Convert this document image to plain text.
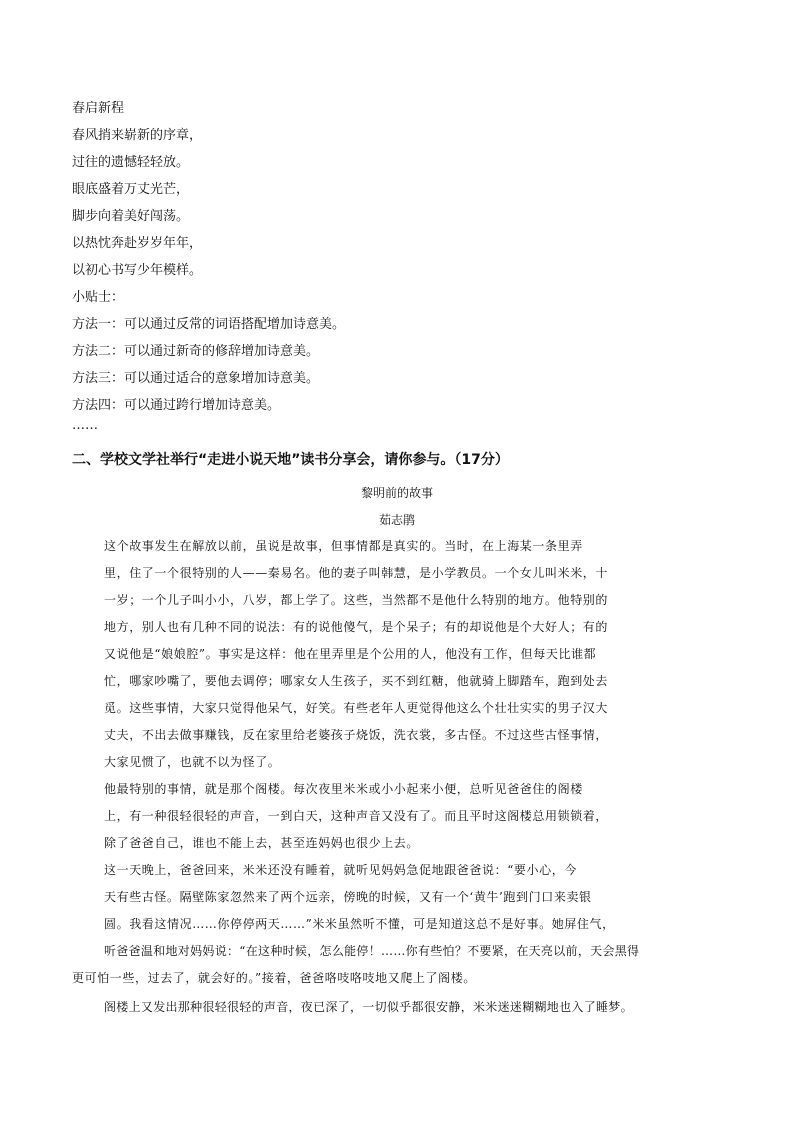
春启新程
春风捎来崭新的序章，
过往的遗憾轻轻放。
眼底盛着万丈光芒，
脚步向着美好闯荡。
以热忱奔赴岁岁年年，
以初心书写少年模样。
小贴士：
方法一：可以通过反常的词语搭配增加诗意美。
方法二：可以通过新奇的修辞增加诗意美。
方法三：可以通过适合的意象增加诗意美。
方法四：可以通过跨行增加诗意美。
……
二、学校文学社举行“走进小说天地”读书分享会，请你参与。（17分）
黎明前的故事
茹志鹃
这个故事发生在解放以前，虽说是故事，但事情都是真实的。当时，在上海某一条里弄
里，住了一个很特别的人——秦易名。他的妻子叫韩慧，是小学教员。一个女儿叫米米，十
一岁；一个儿子叫小小，八岁，都上学了。这些，当然都不是他什么特别的地方。他特别的
地方，别人也有几种不同的说法：有的说他傻气，是个呆子；有的却说他是个大好人；有的
又说他是“娘娘腔”。事实是这样：他在里弄里是个公用的人，他没有工作，但每天比谁都
忙，哪家吵嘴了，要他去调停；哪家女人生孩子，买不到红糖，他就骑上脚踏车，跑到处去
觅。这些事情，大家只觉得他呆气，好笑。有些老年人更觉得他这么个壮壮实实的男子汉大
丈夫，不出去做事赚钱，反在家里给老婆孩子烧饭，洗衣裳，多古怪。不过这些古怪事情，
大家见惯了，也就不以为怪了。
他最特别的事情，就是那个阁楼。每次夜里米米或小小起来小便，总听见爸爸住的阁楼
上，有一种很轻很轻的声音，一到白天，这种声音又没有了。而且平时这阁楼总用锁锁着，
除了爸爸自己，谁也不能上去，甚至连妈妈也很少上去。
这一天晚上，爸爸回来，米米还没有睡着，就听见妈妈急促地跟爸爸说：“要小心，今
天有些古怪。隔壁陈家忽然来了两个远亲，傍晚的时候，又有一个‘黄牛’跑到门口来卖银
圆。我看这情况……你停停两天……”米米虽然听不懂，可是知道这总不是好事。她屏住气，
听爸爸温和地对妈妈说：“在这种时候，怎么能停！……你有些怕？不要紧，在天亮以前，天会黑得
更可怕一些，过去了，就会好的。”接着，爸爸咯吱咯吱地又爬上了阁楼。
阁楼上又发出那种很轻很轻的声音，夜已深了，一切似乎都很安静，米米迷迷糊糊地也入了睡梦。
